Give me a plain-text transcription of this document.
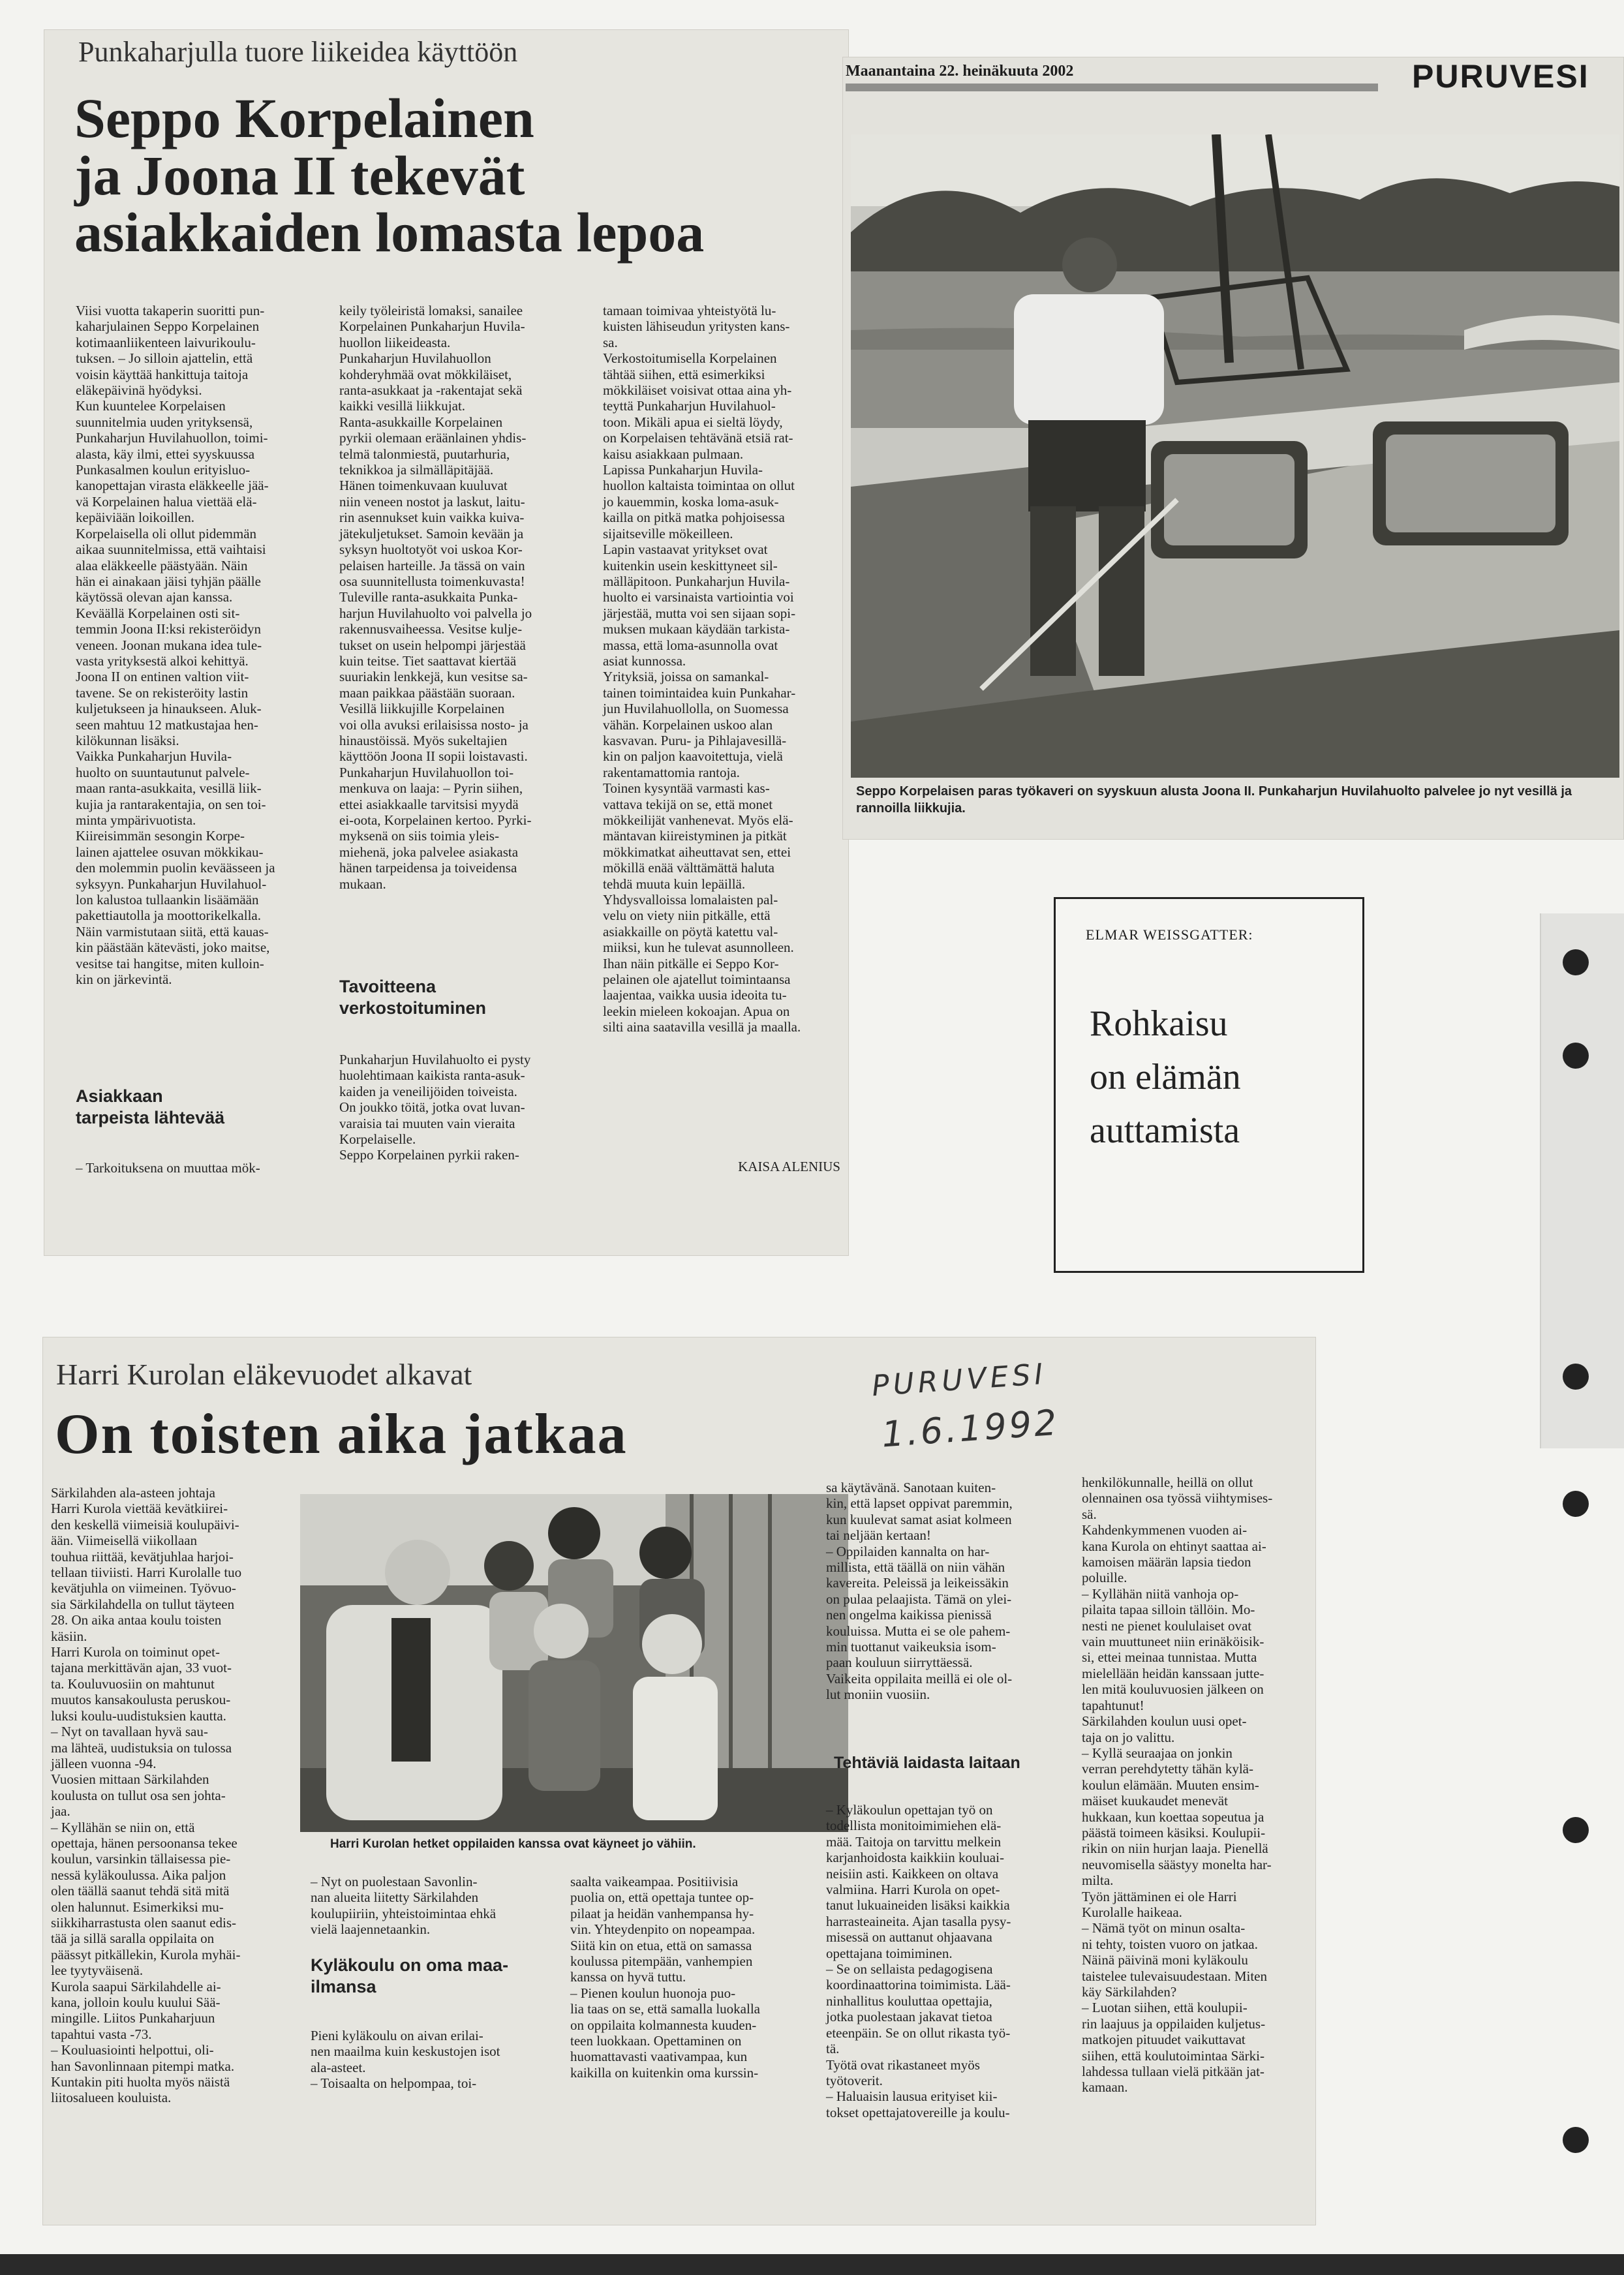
Punkaharjulla tuore liikeidea käyttöön
Seppo Korpelainen
ja Joona II tekevät
asiakkaiden lomasta lepoa
Viisi vuotta takaperin suoritti pun-
kaharjulainen Seppo Korpelainen
kotimaanliikenteen laivurikoulu-
tuksen. – Jo silloin ajattelin, että
voisin käyttää hankittuja taitoja
eläkepäivinä hyödyksi.
Kun kuuntelee Korpelaisen
suunnitelmia uuden yrityksensä,
Punkaharjun Huvilahuollon, toimi-
alasta, käy ilmi, ettei syyskuussa
Punkasalmen koulun erityisluo-
kanopettajan virasta eläkkeelle jää-
vä Korpelainen halua viettää elä-
kepäiviään loikoillen.
Korpelaisella oli ollut pidemmän
aikaa suunnitelmissa, että vaihtaisi
alaa eläkkeelle päästyään. Näin
hän ei ainakaan jäisi tyhjän päälle
käytössä olevan ajan kanssa.
Keväällä Korpelainen osti sit-
temmin Joona II:ksi rekisteröidyn
veneen. Joonan mukana idea tule-
vasta yrityksestä alkoi kehittyä.
Joona II on entinen valtion viit-
tavene. Se on rekisteröity lastin
kuljetukseen ja hinaukseen. Aluk-
seen mahtuu 12 matkustajaa hen-
kilökunnan lisäksi.
Vaikka Punkaharjun Huvila-
huolto on suuntautunut palvele-
maan ranta-asukkaita, vesillä liik-
kujia ja rantarakentajia, on sen toi-
minta ympärivuotista.
Kiireisimmän sesongin Korpe-
lainen ajattelee osuvan mökkikau-
den molemmin puolin keväässeen ja
syksyyn. Punkaharjun Huvilahuol-
lon kalustoa tullaankin lisäämään
pakettiautolla ja moottorikelkalla.
Näin varmistutaan siitä, että kauas-
kin päästään kätevästi, joko maitse,
vesitse tai hangitse, miten kulloin-
kin on järkevintä.
Asiakkaan
tarpeista lähtevää
– Tarkoituksena on muuttaa mök-
keily työleiristä lomaksi, sanailee
Korpelainen Punkaharjun Huvila-
huollon liikeideasta.
Punkaharjun Huvilahuollon
kohderyhmää ovat mökkiläiset,
ranta-asukkaat ja -rakentajat sekä
kaikki vesillä liikkujat.
Ranta-asukkaille Korpelainen
pyrkii olemaan eräänlainen yhdis-
telmä talonmiestä, puutarhuria,
teknikkoa ja silmälläpitäjää.
Hänen toimenkuvaan kuuluvat
niin veneen nostot ja laskut, laitu-
rin asennukset kuin vaikka kuiva-
jätekuljetukset. Samoin kevään ja
syksyn huoltotyöt voi uskoa Kor-
pelaisen harteille. Ja tässä on vain
osa suunnitellusta toimenkuvasta!
Tuleville ranta-asukkaita Punka-
harjun Huvilahuolto voi palvella jo
rakennusvaiheessa. Vesitse kulje-
tukset on usein helpompi järjestää
kuin teitse. Tiet saattavat kiertää
suuriakin lenkkejä, kun vesitse sa-
maan paikkaa päästään suoraan.
Vesillä liikkujille Korpelainen
voi olla avuksi erilaisissa nosto- ja
hinaustöissä. Myös sukeltajien
käyttöön Joona II sopii loistavasti.
Punkaharjun Huvilahuollon toi-
menkuva on laaja: – Pyrin siihen,
ettei asiakkaalle tarvitsisi myydä
ei-oota, Korpelainen kertoo. Pyrki-
myksenä on siis toimia yleis-
miehenä, joka palvelee asiakasta
hänen tarpeidensa ja toiveidensa
mukaan.
Tavoitteena
verkostoituminen
Punkaharjun Huvilahuolto ei pysty
huolehtimaan kaikista ranta-asuk-
kaiden ja veneilijöiden toiveista.
On joukko töitä, jotka ovat luvan-
varaisia tai muuten vain vieraita
Korpelaiselle.
Seppo Korpelainen pyrkii raken-
tamaan toimivaa yhteistyötä lu-
kuisten lähiseudun yritysten kans-
sa.
Verkostoitumisella Korpelainen
tähtää siihen, että esimerkiksi
mökkiläiset voisivat ottaa aina yh-
teyttä Punkaharjun Huvilahuol-
toon. Mikäli apua ei sieltä löydy,
on Korpelaisen tehtävänä etsiä rat-
kaisu asiakkaan pulmaan.
Lapissa Punkaharjun Huvila-
huollon kaltaista toimintaa on ollut
jo kauemmin, koska loma-asuk-
kailla on pitkä matka pohjoisessa
sijaitseville mökeilleen.
Lapin vastaavat yritykset ovat
kuitenkin usein keskittyneet sil-
mälläpitoon. Punkaharjun Huvila-
huolto ei varsinaista vartiointia voi
järjestää, mutta voi sen sijaan sopi-
muksen mukaan käydään tarkista-
massa, että loma-asunnolla ovat
asiat kunnossa.
Yrityksiä, joissa on samankal-
tainen toimintaidea kuin Punkahar-
jun Huvilahuollolla, on Suomessa
vähän. Korpelainen uskoo alan
kasvavan. Puru- ja Pihlajavesillä-
kin on paljon kaavoitettuja, vielä
rakentamattomia rantoja.
Toinen kysyntää varmasti kas-
vattava tekijä on se, että monet
mökkeilijät vanhenevat. Myös elä-
mäntavan kiireistyminen ja pitkät
mökkimatkat aiheuttavat sen, ettei
mökillä enää välttämättä haluta
tehdä muuta kuin lepäillä.
Yhdysvalloissa lomalaisten pal-
velu on viety niin pitkälle, että
asiakkaille on pöytä katettu val-
miiksi, kun he tulevat asunnolleen.
Ihan näin pitkälle ei Seppo Kor-
pelainen ole ajatellut toimintaansa
laajentaa, vaikka uusia ideoita tu-
leekin mieleen kokoajan. Apua on
silti aina saatavilla vesillä ja maalla.
KAISA ALENIUS
Maanantaina 22. heinäkuuta 2002	PURUVESI
Seppo Korpelaisen paras työkaveri on syyskuun alusta Joona II. Punkaharjun Huvilahuolto palvelee jo nyt vesillä ja rannoilla liikkujia.
ELMAR WEISSGATTER:
Rohkaisu
on elämän
auttamista
Harri Kurolan eläkevuodet alkavat
On toisten aika jatkaa
PURUVESI
1.6.1992
Särkilahden ala-asteen johtaja
Harri Kurola viettää kevätkiirei-
den keskellä viimeisiä koulupäivi-
ään. Viimeisellä viikollaan
touhua riittää, kevätjuhlaa harjoi-
tellaan tiiviisti. Harri Kurolalle tuo
kevätjuhla on viimeinen. Työvuo-
sia Särkilahdella on tullut täyteen
28. On aika antaa koulu toisten
käsiin.
Harri Kurola on toiminut opet-
tajana merkittävän ajan, 33 vuot-
ta. Kouluvuosiin on mahtunut
muutos kansakoulusta peruskou-
luksi koulu-uudistuksien kautta.
– Nyt on tavallaan hyvä sau-
ma lähteä, uudistuksia on tulossa
jälleen vuonna -94.
Vuosien mittaan Särkilahden
koulusta on tullut osa sen johta-
jaa.
– Kyllähän se niin on, että
opettaja, hänen persoonansa tekee
koulun, varsinkin tällaisessa pie-
nessä kyläkoulussa. Aika paljon
olen täällä saanut tehdä sitä mitä
olen halunnut. Esimerkiksi mu-
siikkiharrastusta olen saanut edis-
tää ja sillä saralla oppilaita on
päässyt pitkällekin, Kurola myhäi-
lee tyytyväisenä.
Kurola saapui Särkilahdelle ai-
kana, jolloin koulu kuului Sää-
mingille. Liitos Punkaharjuun
tapahtui vasta -73.
– Kouluasiointi helpottui, oli-
han Savonlinnaan pitempi matka.
Kuntakin piti huolta myös näistä
liitosalueen kouluista.
Harri Kurolan hetket oppilaiden kanssa ovat käyneet jo vähiin.
– Nyt on puolestaan Savonlin-
nan alueita liitetty Särkilahden
koulupiiriin, yhteistoimintaa ehkä
vielä laajennetaankin.
Kyläkoulu on oma maa-
ilmansa
Pieni kyläkoulu on aivan erilai-
nen maailma kuin keskustojen isot
ala-asteet.
– Toisaalta on helpompaa, toi-
saalta vaikeampaa. Positiivisia
puolia on, että opettaja tuntee op-
pilaat ja heidän vanhempansa hy-
vin. Yhteydenpito on nopeampaa.
Siitä kin on etua, että on samassa
koulussa pitempään, vanhempien
kanssa on hyvä tuttu.
– Pienen koulun huonoja puo-
lia taas on se, että samalla luokalla
on oppilaita kolmannesta kuuden-
teen luokkaan. Opettaminen on
huomattavasti vaativampaa, kun
kaikilla on kuitenkin oma kurssin-
sa käytävänä. Sanotaan kuiten-
kin, että lapset oppivat paremmin,
kun kuulevat samat asiat kolmeen
tai neljään kertaan!
– Oppilaiden kannalta on har-
millista, että täällä on niin vähän
kavereita. Peleissä ja leikeissäkin
on pulaa pelaajista. Tämä on ylei-
nen ongelma kaikissa pienissä
kouluissa. Mutta ei se ole pahem-
min tuottanut vaikeuksia isom-
paan kouluun siirryttäessä.
Vaikeita oppilaita meillä ei ole ol-
lut moniin vuosiin.
Tehtäviä laidasta laitaan
– Kyläkoulun opettajan työ on
todellista monitoimimiehen elä-
mää. Taitoja on tarvittu melkein
karjanhoidosta kaikkiin kouluai-
neisiin asti. Kaikkeen on oltava
valmiina. Harri Kurola on opet-
tanut lukuaineiden lisäksi kaikkia
harrasteaineita. Ajan tasalla pysy-
misessä on auttanut ohjaavana
opettajana toimiminen.
– Se on sellaista pedagogisena
koordinaattorina toimimista. Lää-
ninhallitus kouluttaa opettajia,
jotka puolestaan jakavat tietoa
eteenpäin. Se on ollut rikasta työ-
tä.
Työtä ovat rikastaneet myös
työtoverit.
– Haluaisin lausua erityiset kii-
tokset opettajatovereille ja koulu-
henkilökunnalle, heillä on ollut
olennainen osa työssä viihtymises-
sä.
Kahdenkymmenen vuoden ai-
kana Kurola on ehtinyt saattaa ai-
kamoisen määrän lapsia tiedon
poluille.
– Kyllähän niitä vanhoja op-
pilaita tapaa silloin tällöin. Mo-
nesti ne pienet koululaiset ovat
vain muuttuneet niin erinäköisik-
si, ettei meinaa tunnistaa. Mutta
mielellään heidän kanssaan jutte-
len mitä kouluvuosien jälkeen on
tapahtunut!
Särkilahden koulun uusi opet-
taja on jo valittu.
– Kyllä seuraajaa on jonkin
verran perehdytetty tähän kylä-
koulun elämään. Muuten ensim-
mäiset kuukaudet menevät
hukkaan, kun koettaa sopeutua ja
päästä toimeen käsiksi. Koulupii-
rikin on niin hurjan laaja. Pienellä
neuvomisella säästyy monelta har-
milta.
Työn jättäminen ei ole Harri
Kurolalle haikeaa.
– Nämä työt on minun osalta-
ni tehty, toisten vuoro on jatkaa.
Näinä päivinä moni kyläkoulu
taistelee tulevaisuudestaan. Miten
käy Särkilahden?
– Luotan siihen, että koulupii-
rin laajuus ja oppilaiden kuljetus-
matkojen pituudet vaikuttavat
siihen, että koulutoimintaa Särki-
lahdessa tullaan vielä pitkään jat-
kamaan.
